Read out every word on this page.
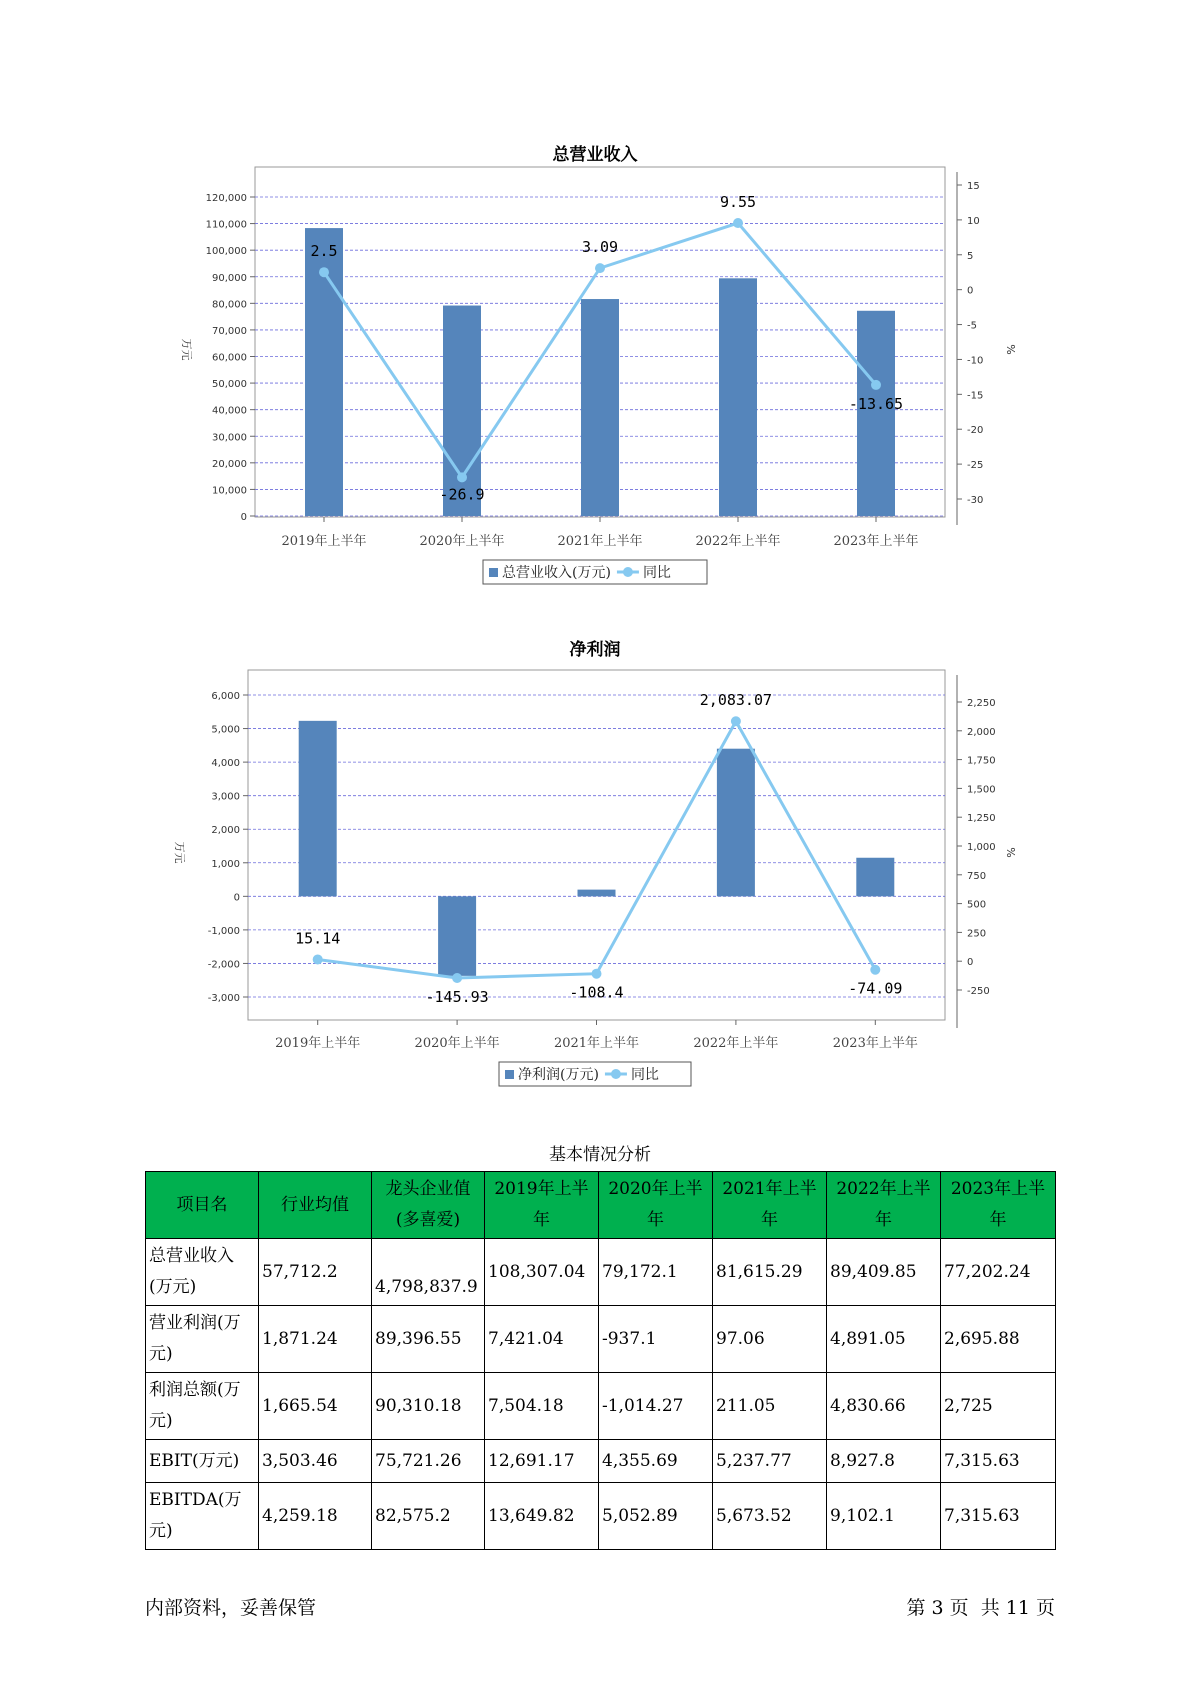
总营业收入
0
10,000
20,000
30,000
40,000
50,000
60,000
70,000
80,000
90,000
100,000
110,000
120,000
15
10
5
0
-5
-10
-15
-20
-25
-30
万元	%
2019年上半年	2020年上半年	2021年上半年	2022年上半年	2023年上半年
2.5
-26.9
3.09
9.55
-13.65
总营业收入(万元) 同比
净利润
-3,000
-2,000
-1,000
0
1,000
2,000
3,000
4,000
5,000
6,000
2,250
2,000
1,750
1,500
1,250
1,000
750
500
250
0
-250
万元	%
2019年上半年	2020年上半年	2021年上半年	2022年上半年	2023年上半年
15.14
-145.93	-108.4
2,083.07
-74.09
净利润(万元) 同比
基本情况分析
项目名	行业均值	龙头企业值(多喜爱)	2019年上半年	2020年上半年	2021年上半年	2022年上半年	2023年上半年
总营业收入(万元)	57,712.2	4,798,837.9	108,307.04	79,172.1	81,615.29	89,409.85	77,202.24
营业利润(万元)	1,871.24	89,396.55	7,421.04	-937.1	97.06	4,891.05	2,695.88
利润总额(万元)	1,665.54	90,310.18	7,504.18	-1,014.27	211.05	4,830.66	2,725
EBIT(万元)	3,503.46	75,721.26	12,691.17	4,355.69	5,237.77	8,927.8	7,315.63
EBITDA(万元)	4,259.18	82,575.2	13,649.82	5,052.89	5,673.52	9,102.1	7,315.63
内部资料，妥善保管	第 3 页  共 11 页
